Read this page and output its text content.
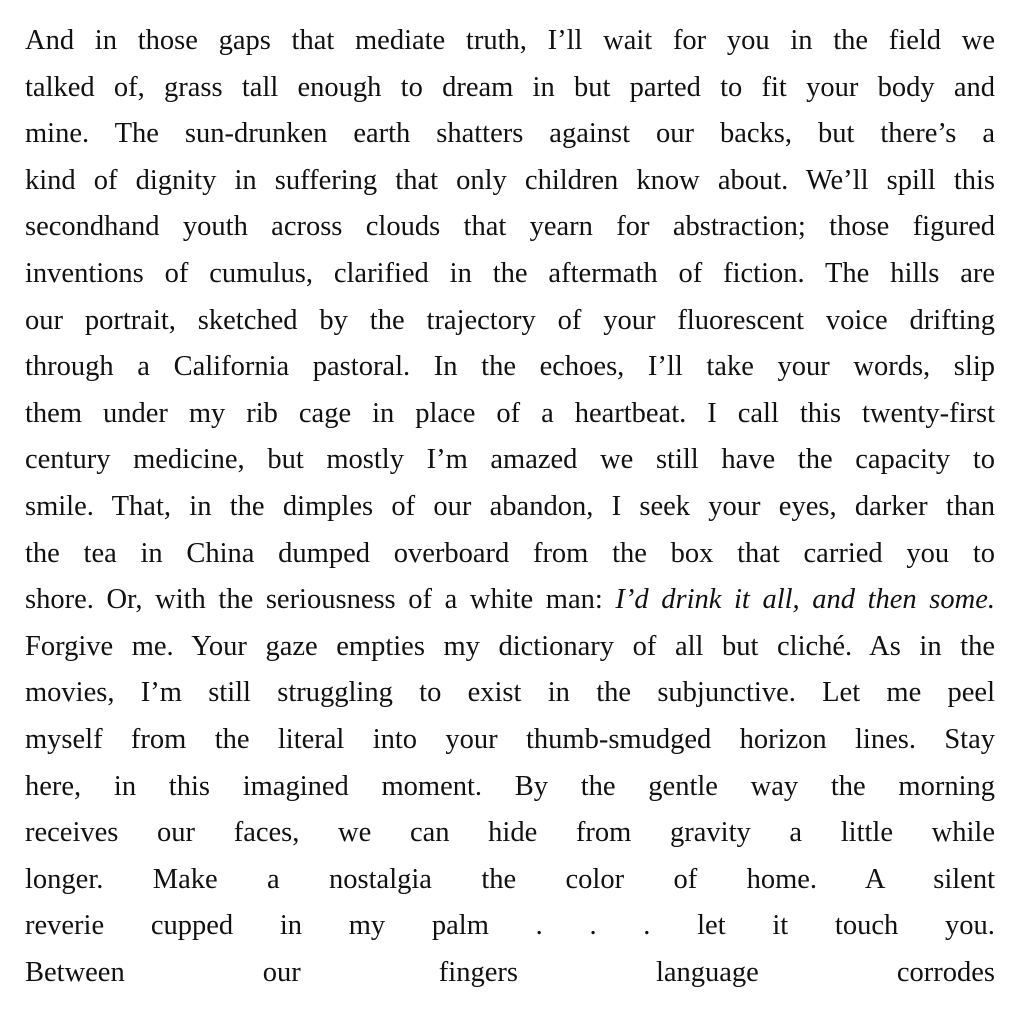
And in those gaps that mediate truth, I’ll wait for you in the field we
talked of, grass tall enough to dream in but parted to fit your body and
mine. The sun-drunken earth shatters against our backs, but there’s a
kind of dignity in suffering that only children know about. We’ll spill this
secondhand youth across clouds that yearn for abstraction; those figured
inventions of cumulus, clarified in the aftermath of fiction. The hills are
our portrait, sketched by the trajectory of your fluorescent voice drifting
through a California pastoral. In the echoes, I’ll take your words, slip
them under my rib cage in place of a heartbeat. I call this twenty-first
century medicine, but mostly I’m amazed we still have the capacity to
smile. That, in the dimples of our abandon, I seek your eyes, darker than
the tea in China dumped overboard from the box that carried you to
shore. Or, with the seriousness of a white man: I’d drink it all, and then some.
Forgive me. Your gaze empties my dictionary of all but cliché. As in the
movies, I’m still struggling to exist in the subjunctive. Let me peel
myself from the literal into your thumb-smudged horizon lines. Stay
here, in this imagined moment. By the gentle way the morning
receives our faces, we can hide from gravity a little while
longer. Make a nostalgia the color of home. A silent
reverie cupped in my palm . . . let it touch you.
Between	our	fingers	language	corrodes
